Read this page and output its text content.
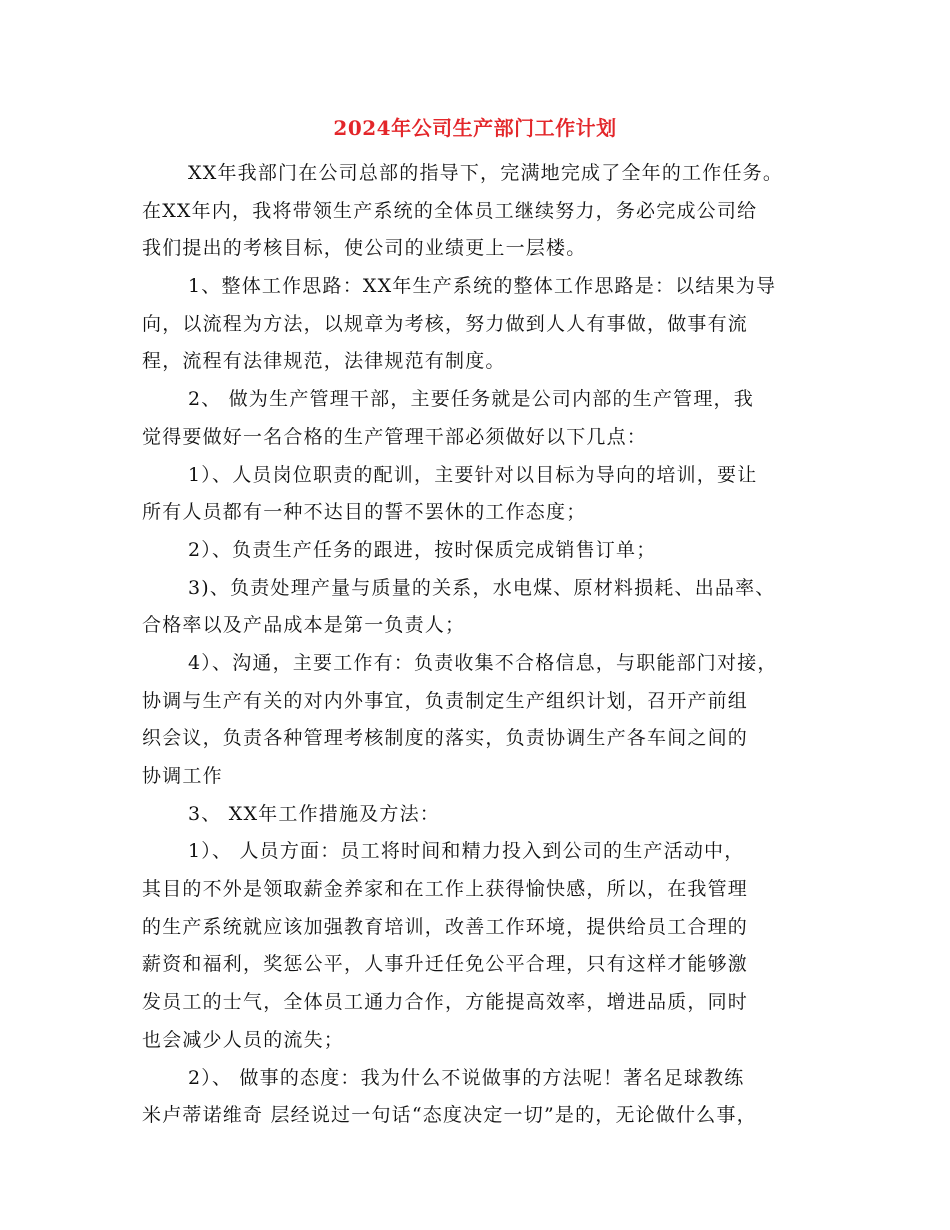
2024年公司生产部门工作计划
XX年我部门在公司总部的指导下，完满地完成了全年的工作任务。
在XX年内，我将带领生产系统的全体员工继续努力，务必完成公司给
我们提出的考核目标，使公司的业绩更上一层楼。
1、整体工作思路：XX年生产系统的整体工作思路是：以结果为导
向，以流程为方法，以规章为考核，努力做到人人有事做，做事有流
程，流程有法律规范，法律规范有制度。
2、 做为生产管理干部，主要任务就是公司内部的生产管理，我
觉得要做好一名合格的生产管理干部必须做好以下几点：
1）、人员岗位职责的配训，主要针对以目标为导向的培训，要让
所有人员都有一种不达目的誓不罢休的工作态度；
2）、负责生产任务的跟进，按时保质完成销售订单；
3)、负责处理产量与质量的关系，水电煤、原材料损耗、出品率、
合格率以及产品成本是第一负责人；
4）、沟通，主要工作有：负责收集不合格信息，与职能部门对接，
协调与生产有关的对内外事宜，负责制定生产组织计划，召开产前组
织会议，负责各种管理考核制度的落实，负责协调生产各车间之间的
协调工作
3、 XX年工作措施及方法：
1）、 人员方面：员工将时间和精力投入到公司的生产活动中，
其目的不外是领取薪金养家和在工作上获得愉快感，所以，在我管理
的生产系统就应该加强教育培训，改善工作环境，提供给员工合理的
薪资和福利，奖惩公平，人事升迁任免公平合理，只有这样才能够激
发员工的士气，全体员工通力合作，方能提高效率，增进品质，同时
也会减少人员的流失；
2）、 做事的态度：我为什么不说做事的方法呢！著名足球教练
米卢蒂诺维奇 层经说过一句话“态度决定一切”是的，无论做什么事，
